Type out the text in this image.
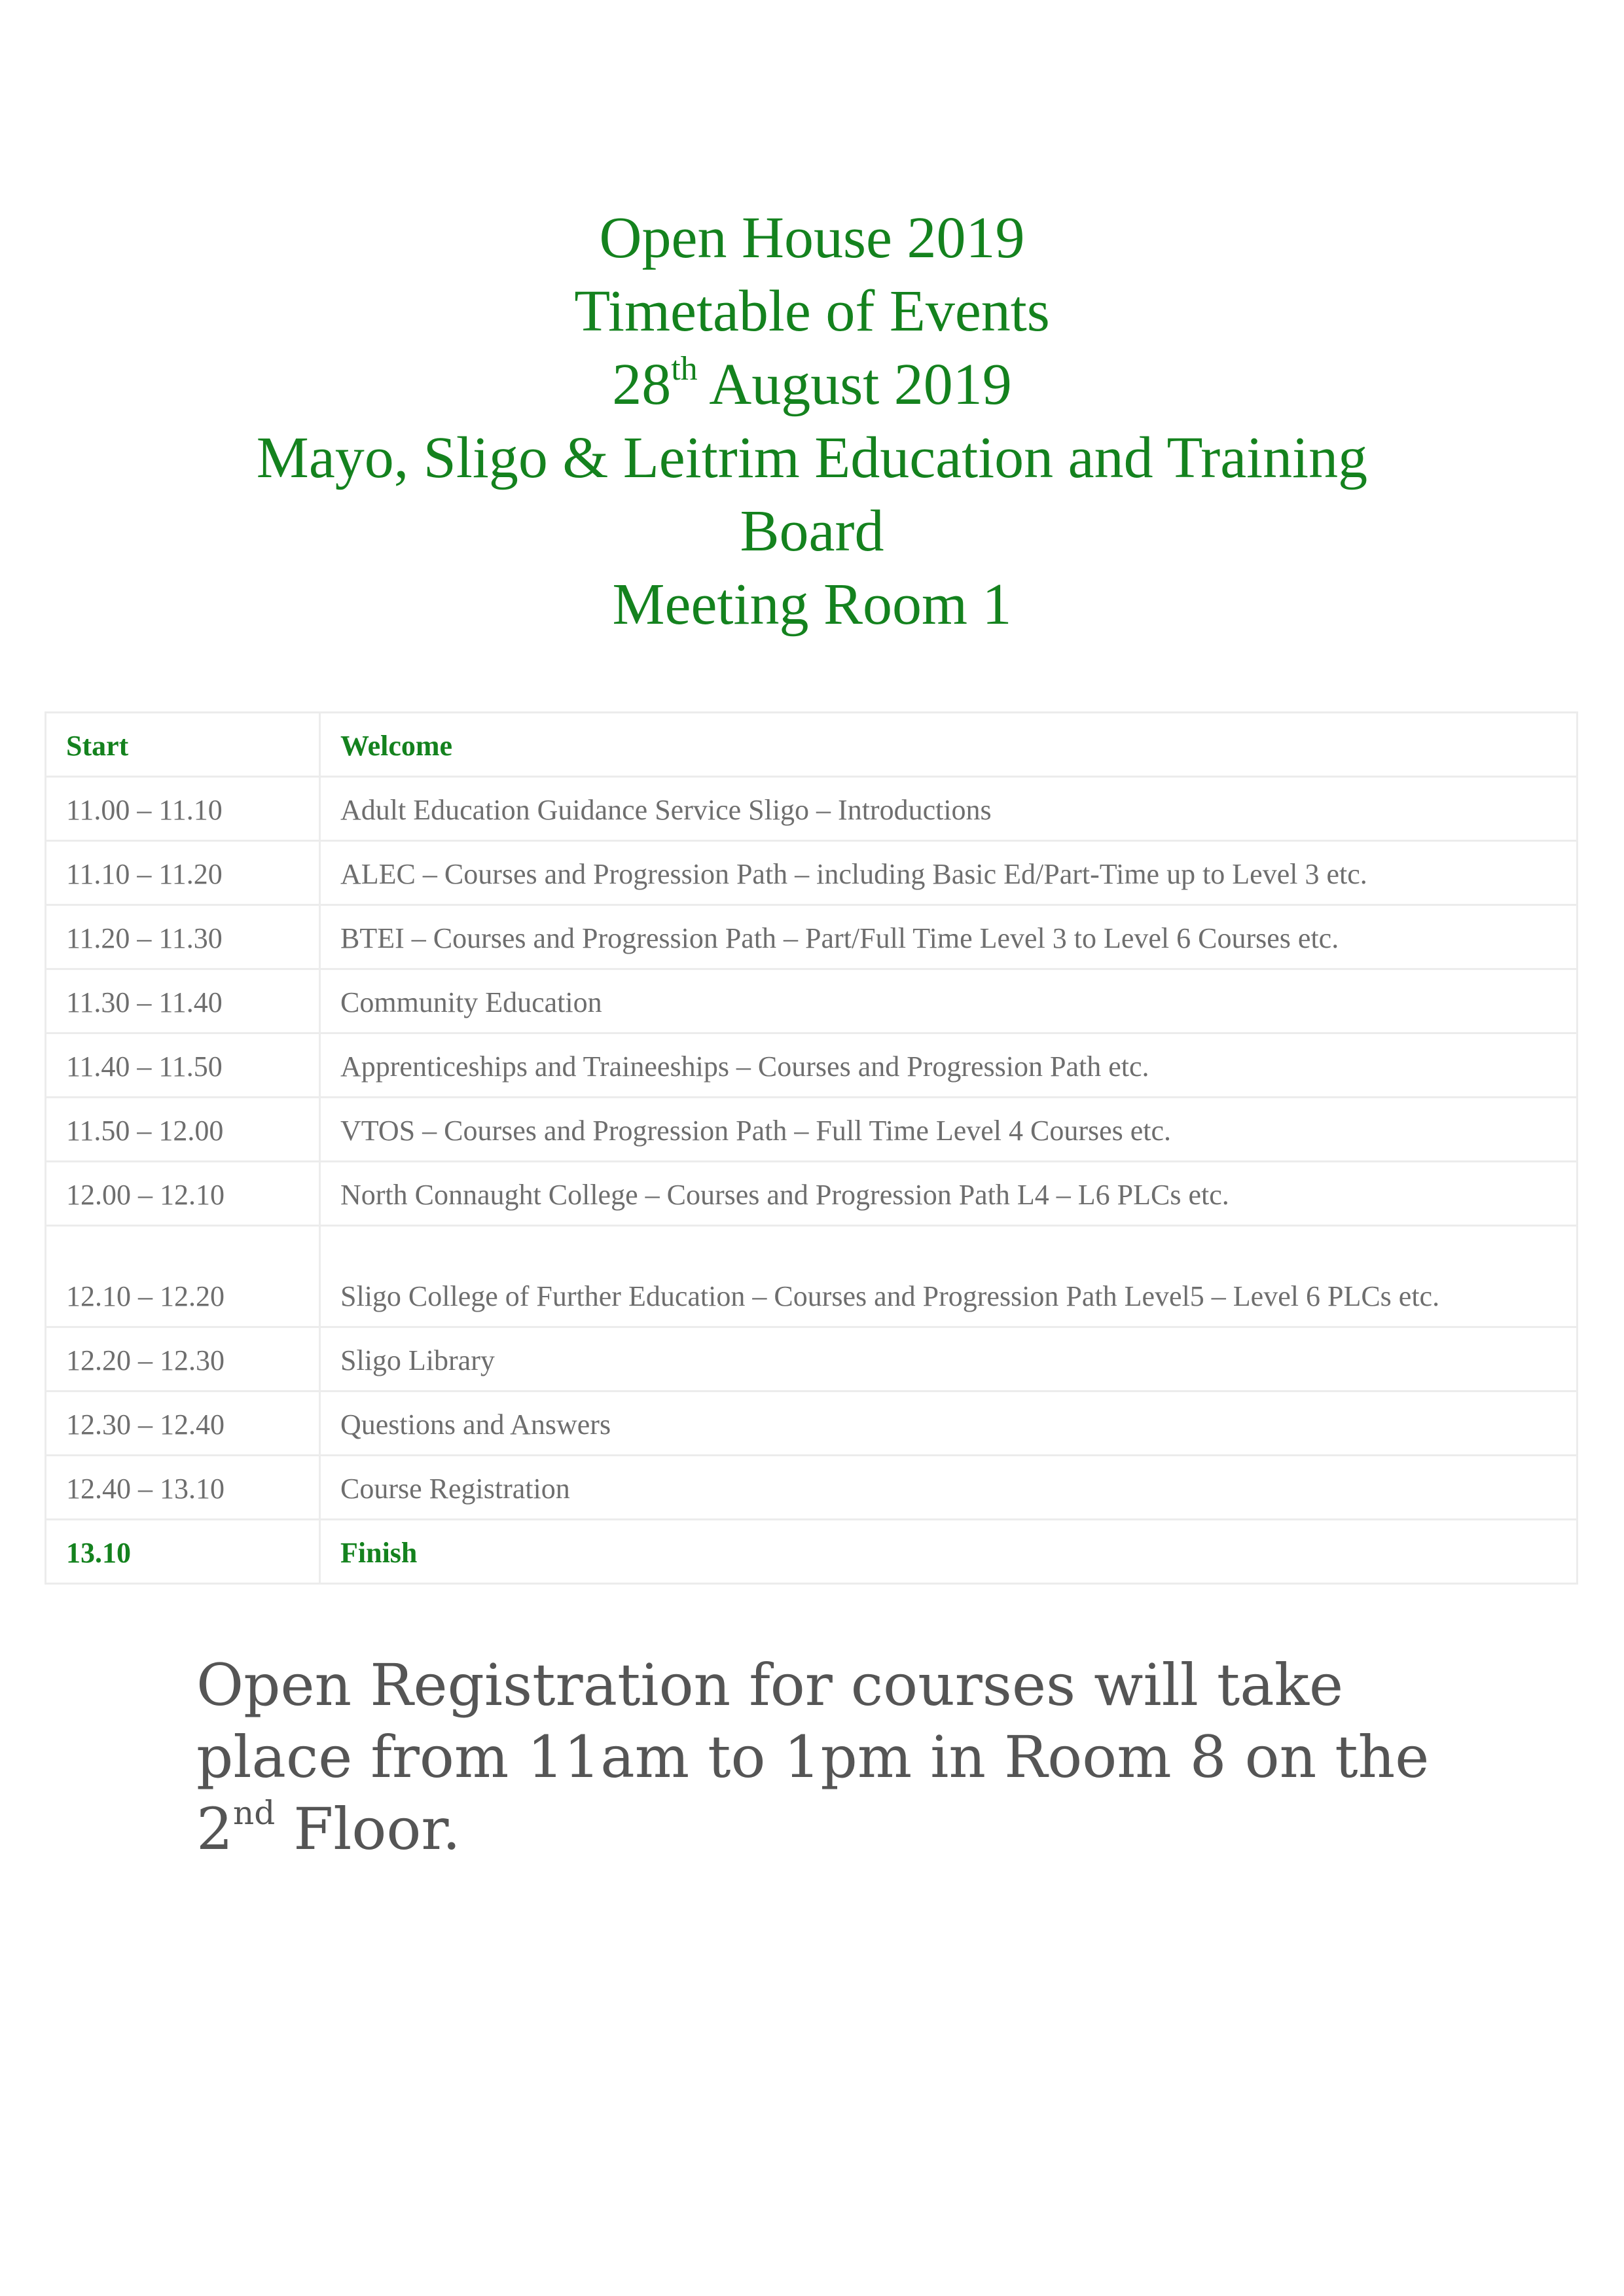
Open House 2019
Timetable of Events
28th August 2019
Mayo, Sligo & Leitrim Education and Training
Board
Meeting Room 1
Start	Welcome
11.00 – 11.10	Adult Education Guidance Service Sligo – Introductions
11.10 – 11.20	ALEC – Courses and Progression Path – including Basic Ed/Part-Time up to Level 3 etc.
11.20 – 11.30	BTEI – Courses and Progression Path – Part/Full Time Level 3 to Level 6 Courses etc.
11.30 – 11.40	Community Education
11.40 – 11.50	Apprenticeships and Traineeships – Courses and Progression Path etc.
11.50 – 12.00	VTOS – Courses and Progression Path – Full Time Level 4 Courses etc.
12.00 – 12.10	North Connaught College – Courses and Progression Path L4 – L6 PLCs etc.
12.10 – 12.20	Sligo College of Further Education – Courses and Progression Path Level5 – Level 6 PLCs etc.
12.20 – 12.30	Sligo Library
12.30 – 12.40	Questions and Answers
12.40 – 13.10	Course Registration
13.10	Finish
Open Registration for courses will take place from 11am to 1pm in Room 8 on the 2nd Floor.
